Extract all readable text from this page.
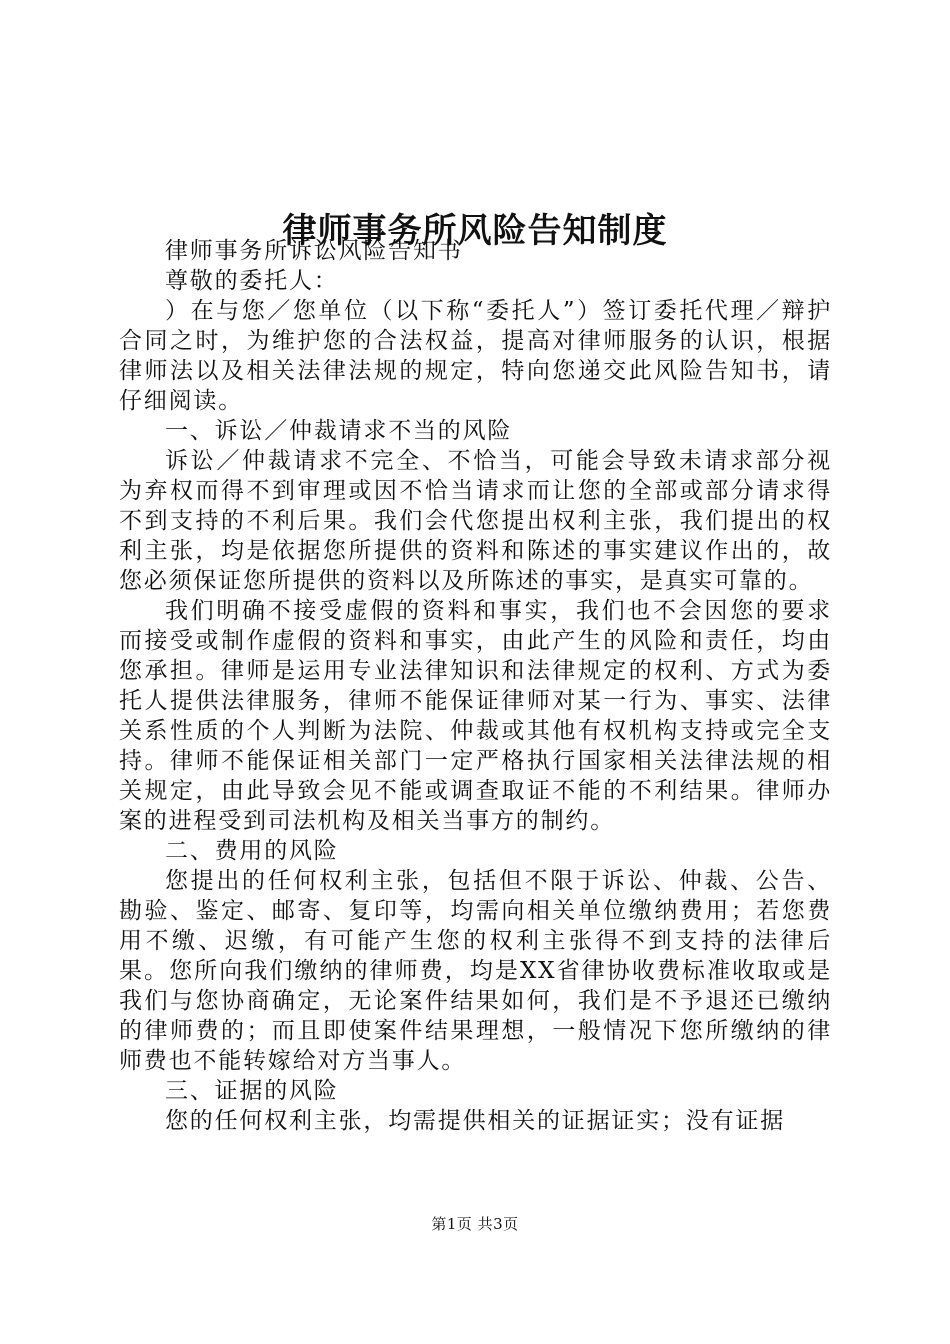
律师事务所风险告知制度

律师事务所诉讼风险告知书

尊敬的委托人：

）在与您／您单位（以下称“委托人”）签订委托代理／辩护合同之时，为维护您的合法权益，提高对律师服务的认识，根据律师法以及相关法律法规的规定，特向您递交此风险告知书，请仔细阅读。

一、诉讼／仲裁请求不当的风险

诉讼／仲裁请求不完全、不恰当，可能会导致未请求部分视为弃权而得不到审理或因不恰当请求而让您的全部或部分请求得不到支持的不利后果。我们会代您提出权利主张，我们提出的权利主张，均是依据您所提供的资料和陈述的事实建议作出的，故您必须保证您所提供的资料以及所陈述的事实，是真实可靠的。

我们明确不接受虚假的资料和事实，我们也不会因您的要求而接受或制作虚假的资料和事实，由此产生的风险和责任，均由您承担。律师是运用专业法律知识和法律规定的权利、方式为委托人提供法律服务，律师不能保证律师对某一行为、事实、法律关系性质的个人判断为法院、仲裁或其他有权机构支持或完全支持。律师不能保证相关部门一定严格执行国家相关法律法规的相关规定，由此导致会见不能或调查取证不能的不利结果。律师办案的进程受到司法机构及相关当事方的制约。

二、费用的风险

您提出的任何权利主张，包括但不限于诉讼、仲裁、公告、勘验、鉴定、邮寄、复印等，均需向相关单位缴纳费用；若您费用不缴、迟缴，有可能产生您的权利主张得不到支持的法律后果。您所向我们缴纳的律师费，均是XX省律协收费标准收取或是我们与您协商确定，无论案件结果如何，我们是不予退还已缴纳的律师费的；而且即使案件结果理想，一般情况下您所缴纳的律师费也不能转嫁给对方当事人。

三、证据的风险

您的任何权利主张，均需提供相关的证据证实；没有证据

第1页 共3页
